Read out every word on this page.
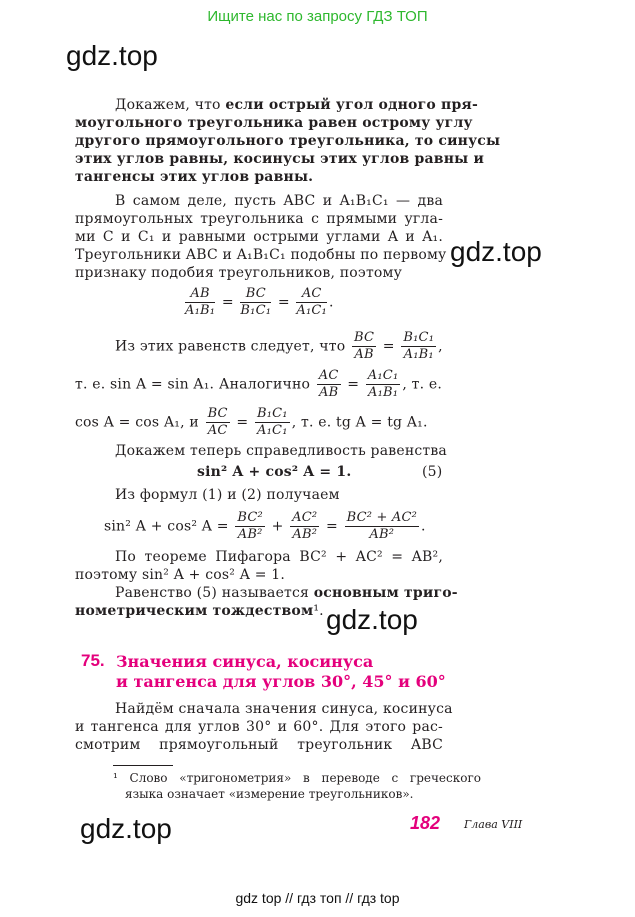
Ищите нас по запросу ГДЗ ТОП
gdz.top
gdz.top
gdz.top
gdz.top
Докажем, что если острый угол одного пря-
моугольного треугольника равен острому углу
другого прямоугольного треугольника, то синусы
этих углов равны, косинусы этих углов равны и
тангенсы этих углов равны.
В самом деле, пусть ABC и A₁B₁C₁ — два
прямоугольных треугольника с прямыми угла-
ми C и C₁ и равными острыми углами A и A₁.
Треугольники ABC и A₁B₁C₁ подобны по первому
признаку подобия треугольников, поэтому
$\frac{AB}{\text{A₁B₁}} = \frac{BC}{\text{B₁C₁}} = \frac{AC}{\text{A₁C₁}}$ .
Из этих равенств следует, что $\frac{BC}{AB} = \frac{\text{B₁C₁}}{\text{A₁B₁}}$ ,
т. е. sin A = sin A₁. Аналогично $\frac{AC}{AB} = \frac{\text{A₁C₁}}{\text{A₁B₁}}$ , т. е.
cos A = cos A₁, и $\frac{BC}{AC} = \frac{\text{B₁C₁}}{\text{A₁C₁}}$ , т. е. tg A = tg A₁.
Докажем теперь справедливость равенства
sin² A + cos² A = 1.	(5)
Из формул (1) и (2) получаем
sin² A + cos² $A = \frac{\text{BC²}}{\text{AB²}} + \frac{\text{AC²}}{\text{AB²}} = \frac{\text{BC² + AC²}}{\text{AB²}}$ .
По теореме Пифагора BC² + AC² = AB²,
поэтому sin² A + cos² A = 1.
Равенство (5) называется основным триго-
нометрическим тождеством¹.
75. Значения синуса, косинуса
и тангенса для углов 30°, 45° и 60°
Найдём сначала значения синуса, косинуса
и тангенса для углов 30° и 60°. Для этого рас-
смотрим прямоугольный треугольник ABC
¹ Слово «тригонометрия» в переводе с греческого
языка означает «измерение треугольников».
182 Глава VIII
gdz top // гдз топ // гдз top
